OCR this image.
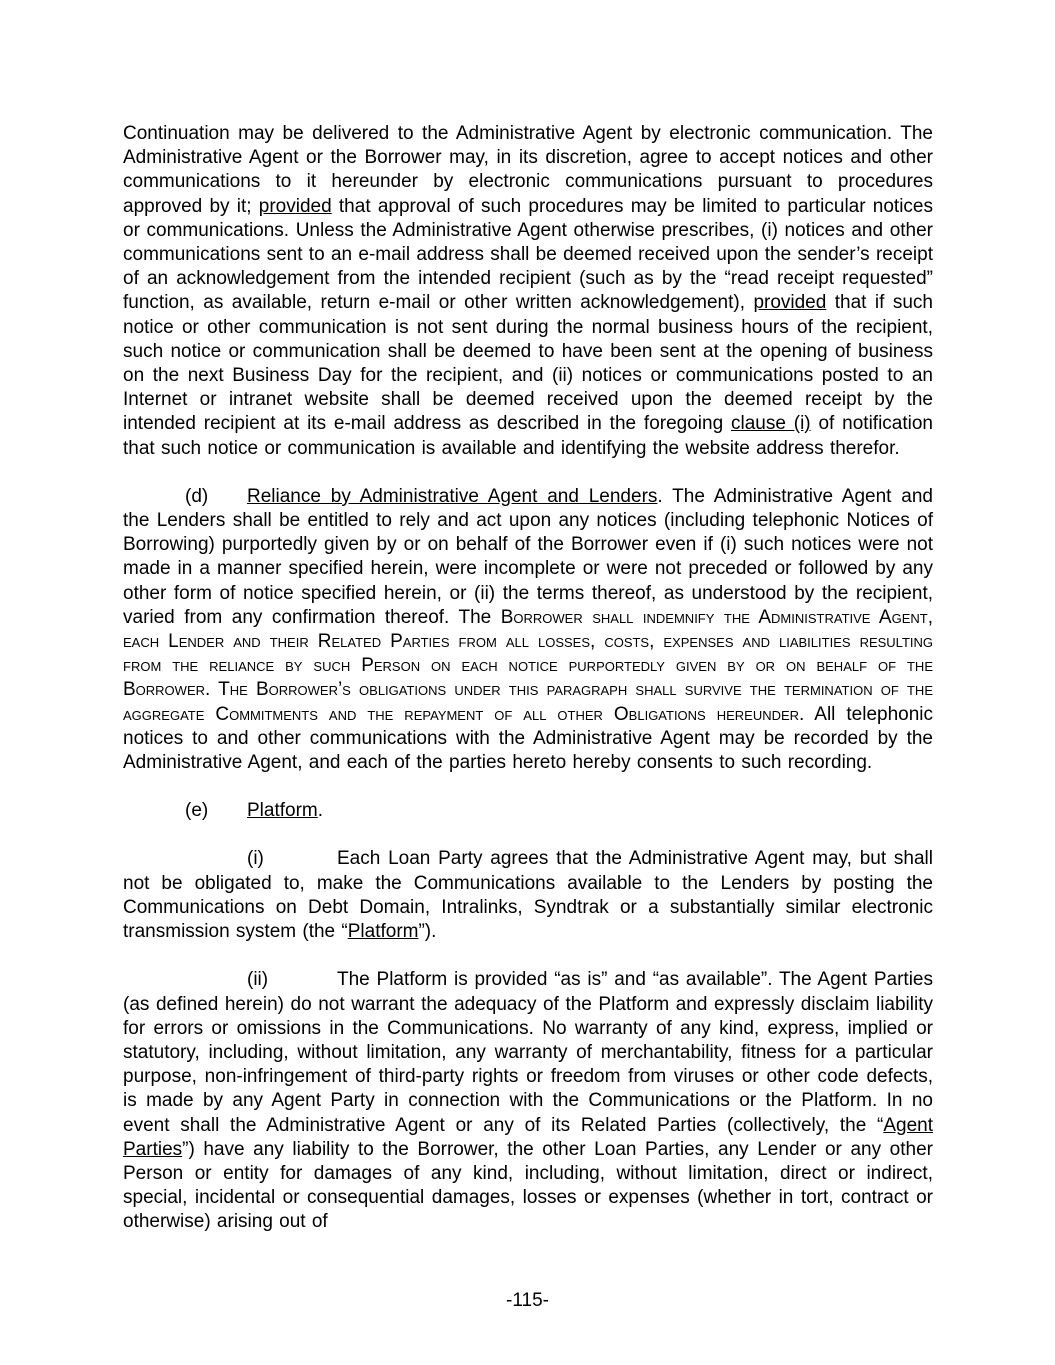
Continuation may be delivered to the Administrative Agent by electronic communication. The Administrative Agent or the Borrower may, in its discretion, agree to accept notices and other communications to it hereunder by electronic communications pursuant to procedures approved by it; provided that approval of such procedures may be limited to particular notices or communications. Unless the Administrative Agent otherwise prescribes, (i) notices and other communications sent to an e-mail address shall be deemed received upon the sender’s receipt of an acknowledgement from the intended recipient (such as by the “read receipt requested” function, as available, return e-mail or other written acknowledgement), provided that if such notice or other communication is not sent during the normal business hours of the recipient, such notice or communication shall be deemed to have been sent at the opening of business on the next Business Day for the recipient, and (ii) notices or communications posted to an Internet or intranet website shall be deemed received upon the deemed receipt by the intended recipient at its e-mail address as described in the foregoing clause (i) of notification that such notice or communication is available and identifying the website address therefor.

(d) Reliance by Administrative Agent and Lenders. The Administrative Agent and the Lenders shall be entitled to rely and act upon any notices (including telephonic Notices of Borrowing) purportedly given by or on behalf of the Borrower even if (i) such notices were not made in a manner specified herein, were incomplete or were not preceded or followed by any other form of notice specified herein, or (ii) the terms thereof, as understood by the recipient, varied from any confirmation thereof. The Borrower shall indemnify the Administrative Agent, each Lender and their Related Parties from all losses, costs, expenses and liabilities resulting from the reliance by such Person on each notice purportedly given by or on behalf of the Borrower. The Borrower’s obligations under this paragraph shall survive the termination of the aggregate Commitments and the repayment of all other Obligations hereunder. All telephonic notices to and other communications with the Administrative Agent may be recorded by the Administrative Agent, and each of the parties hereto hereby consents to such recording.

(e) Platform.

(i)	Each Loan Party agrees that the Administrative Agent may, but shall not be obligated to, make the Communications available to the Lenders by posting the Communications on Debt Domain, Intralinks, Syndtrak or a substantially similar electronic transmission system (the “Platform”).

(ii)	The Platform is provided “as is” and “as available”. The Agent Parties (as defined herein) do not warrant the adequacy of the Platform and expressly disclaim liability for errors or omissions in the Communications. No warranty of any kind, express, implied or statutory, including, without limitation, any warranty of merchantability, fitness for a particular purpose, non-infringement of third-party rights or freedom from viruses or other code defects, is made by any Agent Party in connection with the Communications or the Platform. In no event shall the Administrative Agent or any of its Related Parties (collectively, the “Agent Parties”) have any liability to the Borrower, the other Loan Parties, any Lender or any other Person or entity for damages of any kind, including, without limitation, direct or indirect, special, incidental or consequential damages, losses or expenses (whether in tort, contract or otherwise) arising out of

-115-
